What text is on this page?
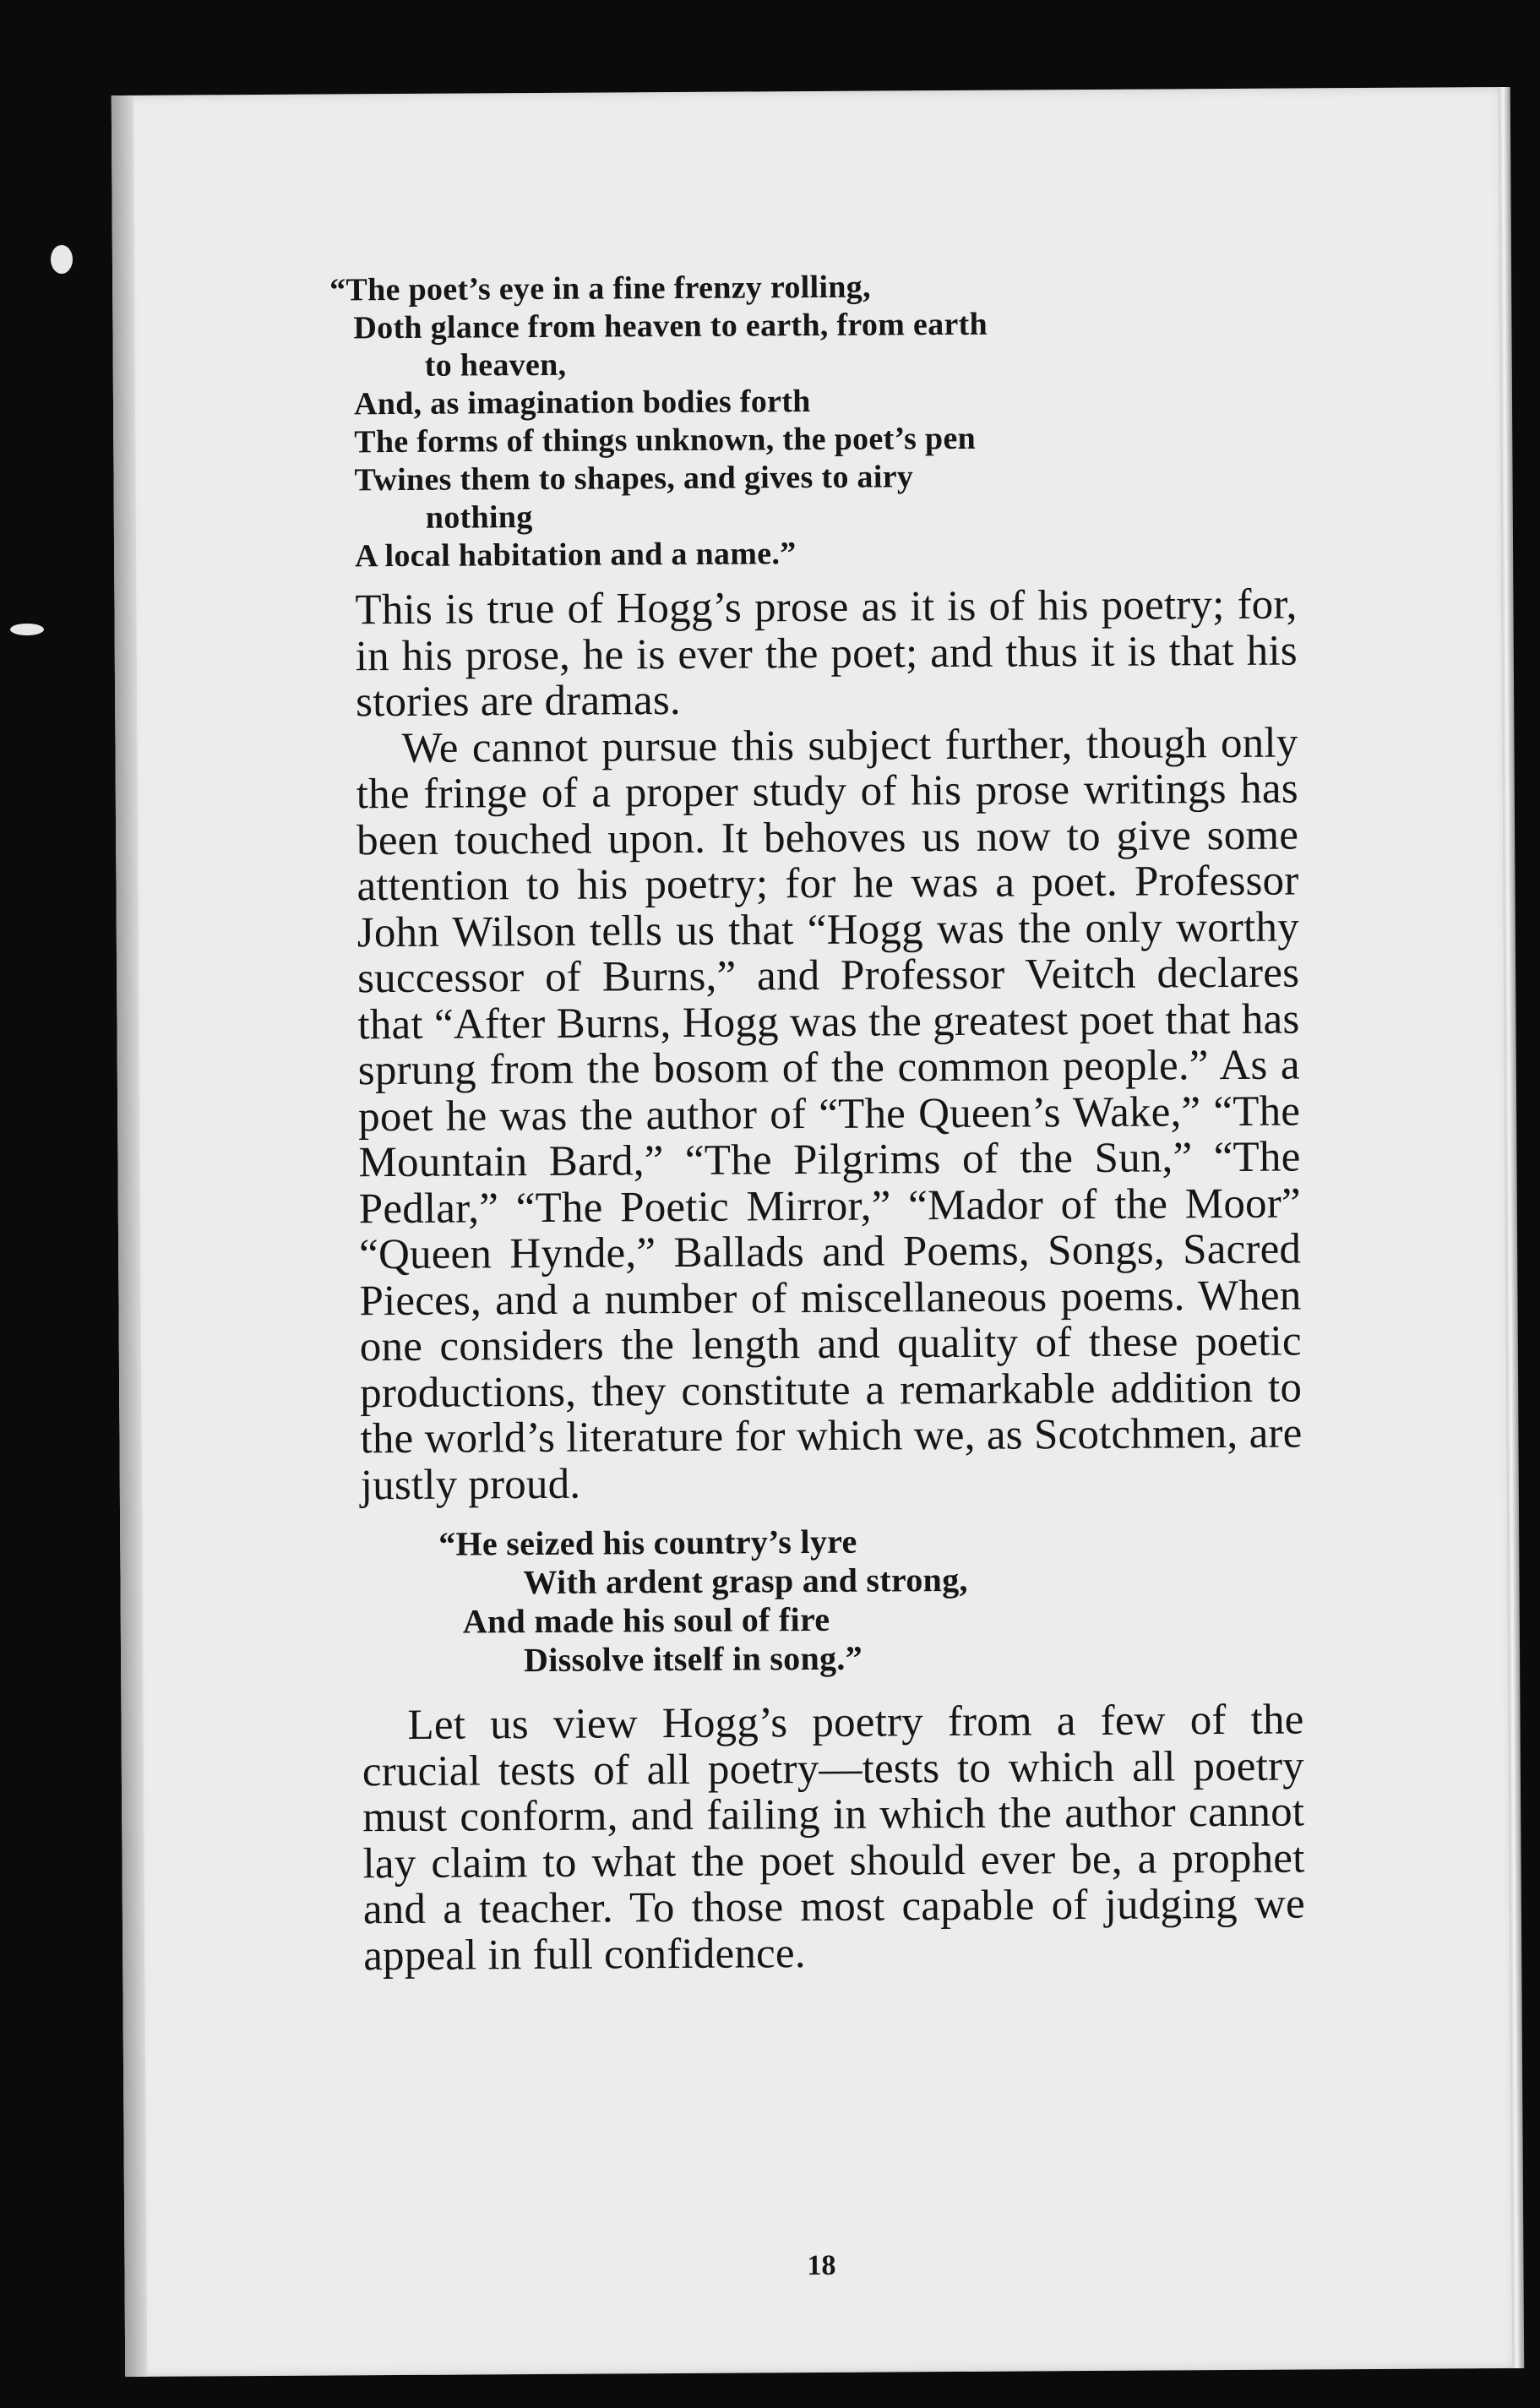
“The poet’s eye in a fine frenzy rolling,
Doth glance from heaven to earth, from earth
to heaven,
And, as imagination bodies forth
The forms of things unknown, the poet’s pen
Twines them to shapes, and gives to airy
nothing
A local habitation and a name.”

This is true of Hogg’s prose as it is of his poetry; for, in his prose, he is ever the poet; and thus it is that his stories are dramas.

We cannot pursue this subject further, though only the fringe of a proper study of his prose writings has been touched upon. It behoves us now to give some attention to his poetry; for he was a poet. Professor John Wilson tells us that “Hogg was the only worthy successor of Burns,” and Professor Veitch declares that “After Burns, Hogg was the greatest poet that has sprung from the bosom of the common people.” As a poet he was the author of “The Queen’s Wake,” “The Mountain Bard,” “The Pilgrims of the Sun,” “The Pedlar,” “The Poetic Mirror,” “Mador of the Moor” “Queen Hynde,” Ballads and Poems, Songs, Sacred Pieces, and a number of miscellaneous poems. When one considers the length and quality of these poetic productions, they constitute a remarkable addition to the world’s literature for which we, as Scotchmen, are justly proud.

“He seized his country’s lyre
With ardent grasp and strong,
And made his soul of fire
Dissolve itself in song.”

Let us view Hogg’s poetry from a few of the crucial tests of all poetry—tests to which all poetry must conform, and failing in which the author cannot lay claim to what the poet should ever be, a prophet and a teacher. To those most capable of judging we appeal in full confidence.

18
